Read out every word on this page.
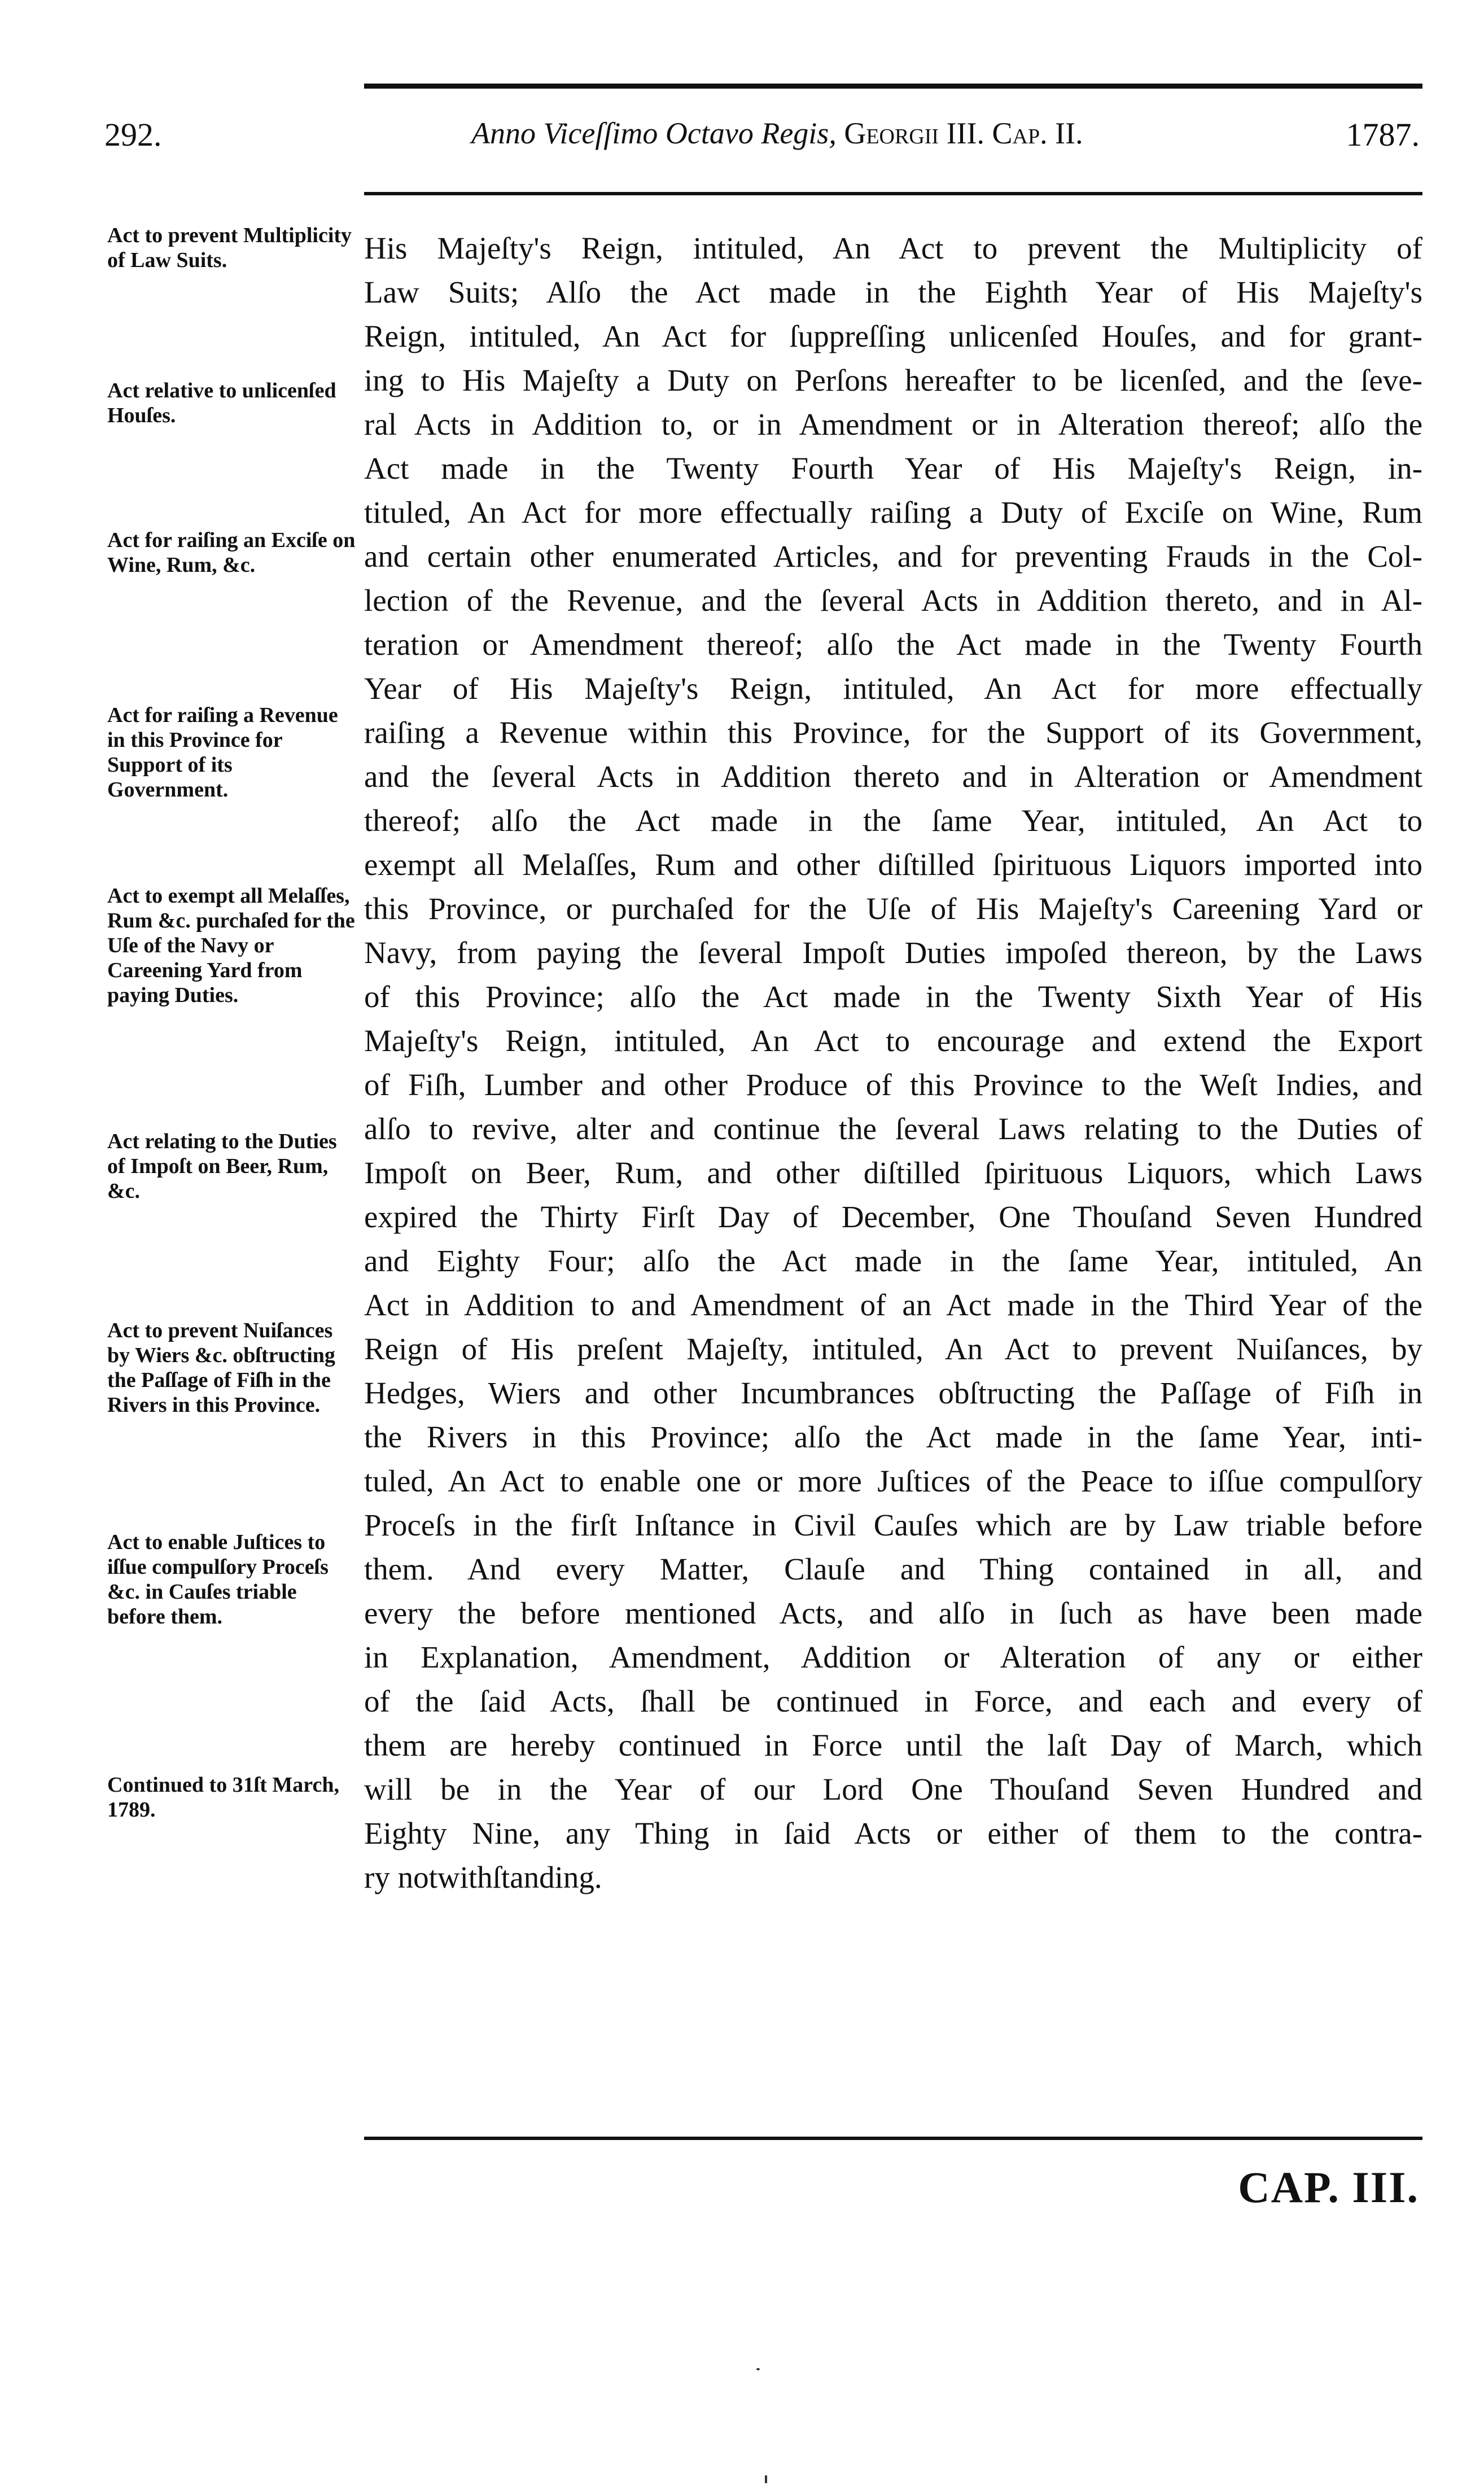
292.	Anno Viceſſimo Octavo Regis, Georgii III. Cap. II.	1787.
Act to prevent Multiplicity of Law Suits.
Act relative to unlicenſed Houſes.
Act for raiſing an Exciſe on Wine, Rum, &c.
Act for raiſing a Revenue in this Province for Support of its Government.
Act to exempt all Melaſſes, Rum &c. purchaſed for the Uſe of the Navy or Careening Yard from paying Duties.
Act relating to the Duties of Impoſt on Beer, Rum, &c.
Act to prevent Nuiſances by Wiers &c. obſtructing the Paſſage of Fiſh in the Rivers in this Province.
Act to enable Juſtices to iſſue compulſory Proceſs &c. in Cauſes triable before them.
Continued to 31ſt March, 1789.
His Majeſty's Reign, intituled, An Act to prevent the Multiplicity of
Law Suits; Alſo the Act made in the Eighth Year of His Majeſty's
Reign, intituled, An Act for ſuppreſſing unlicenſed Houſes, and for grant-
ing to His Majeſty a Duty on Perſons hereafter to be licenſed, and the ſeve-
ral Acts in Addition to, or in Amendment or in Alteration thereof; alſo the
Act made in the Twenty Fourth Year of His Majeſty's Reign, in-
tituled, An Act for more effectually raiſing a Duty of Exciſe on Wine, Rum
and certain other enumerated Articles, and for preventing Frauds in the Col-
lection of the Revenue, and the ſeveral Acts in Addition thereto, and in Al-
teration or Amendment thereof; alſo the Act made in the Twenty Fourth
Year of His Majeſty's Reign, intituled, An Act for more effectually
raiſing a Revenue within this Province, for the Support of its Government,
and the ſeveral Acts in Addition thereto and in Alteration or Amendment
thereof; alſo the Act made in the ſame Year, intituled, An Act to
exempt all Melaſſes, Rum and other diſtilled ſpirituous Liquors imported into
this Province, or purchaſed for the Uſe of His Majeſty's Careening Yard or
Navy, from paying the ſeveral Impoſt Duties impoſed thereon, by the Laws
of this Province; alſo the Act made in the Twenty Sixth Year of His
Majeſty's Reign, intituled, An Act to encourage and extend the Export
of Fiſh, Lumber and other Produce of this Province to the Weſt Indies, and
alſo to revive, alter and continue the ſeveral Laws relating to the Duties of
Impoſt on Beer, Rum, and other diſtilled ſpirituous Liquors, which Laws
expired the Thirty Firſt Day of December, One Thouſand Seven Hundred
and Eighty Four; alſo the Act made in the ſame Year, intituled, An
Act in Addition to and Amendment of an Act made in the Third Year of the
Reign of His preſent Majeſty, intituled, An Act to prevent Nuiſances, by
Hedges, Wiers and other Incumbrances obſtructing the Paſſage of Fiſh in
the Rivers in this Province; alſo the Act made in the ſame Year, inti-
tuled, An Act to enable one or more Juſtices of the Peace to iſſue compulſory
Proceſs in the firſt Inſtance in Civil Cauſes which are by Law triable before
them. And every Matter, Clauſe and Thing contained in all, and
every the before mentioned Acts, and alſo in ſuch as have been made
in Explanation, Amendment, Addition or Alteration of any or either
of the ſaid Acts, ſhall be continued in Force, and each and every of
them are hereby continued in Force until the laſt Day of March, which
will be in the Year of our Lord One Thouſand Seven Hundred and
Eighty Nine, any Thing in ſaid Acts or either of them to the contra-
ry notwithſtanding.
CAP. III.
